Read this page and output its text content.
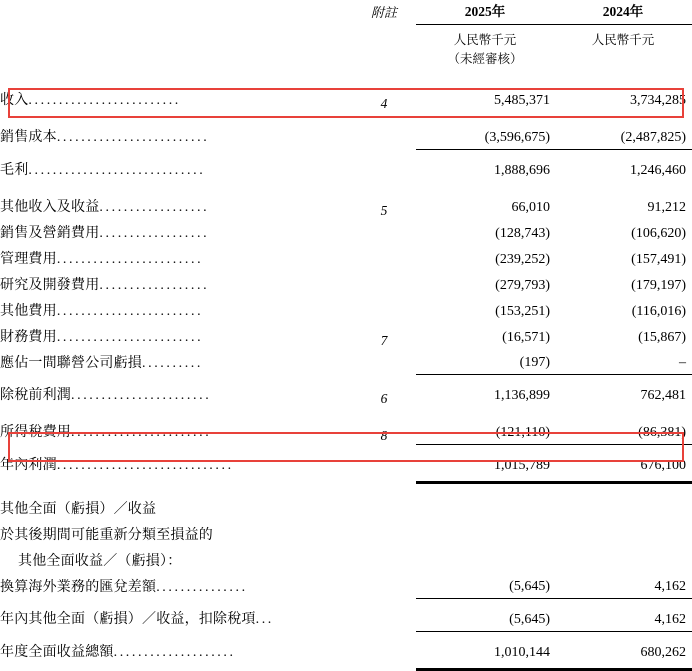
	附註	2025年	2024年
		人民幣千元	人民幣千元
		（未經審核）	

收入.........................	4	5,485,371	3,734,285

銷售成本.........................		(3,596,675)	(2,487,825)

毛利.............................		1,888,696	1,246,460

其他收入及收益..................	5	66,010	91,212
銷售及營銷費用..................		(128,743)	(106,620)
管理費用........................		(239,252)	(157,491)
研究及開發費用..................		(279,793)	(179,197)
其他費用........................		(153,251)	(116,016)
財務費用........................	7	(16,571)	(15,867)
應佔一間聯營公司虧損..........		(197)	–

除稅前利潤.......................	6	1,136,899	762,481

所得稅費用.......................	8	(121,110)	(86,381)

年內利潤.............................		1,015,789	676,100

其他全面（虧損）／收益			
於其後期間可能重新分類至損益的			
其他全面收益／（虧損）：			
換算海外業務的匯兌差額...............		(5,645)	4,162

年內其他全面（虧損）／收益，扣除稅項...		(5,645)	4,162

年度全面收益總額....................		1,010,144	680,262
